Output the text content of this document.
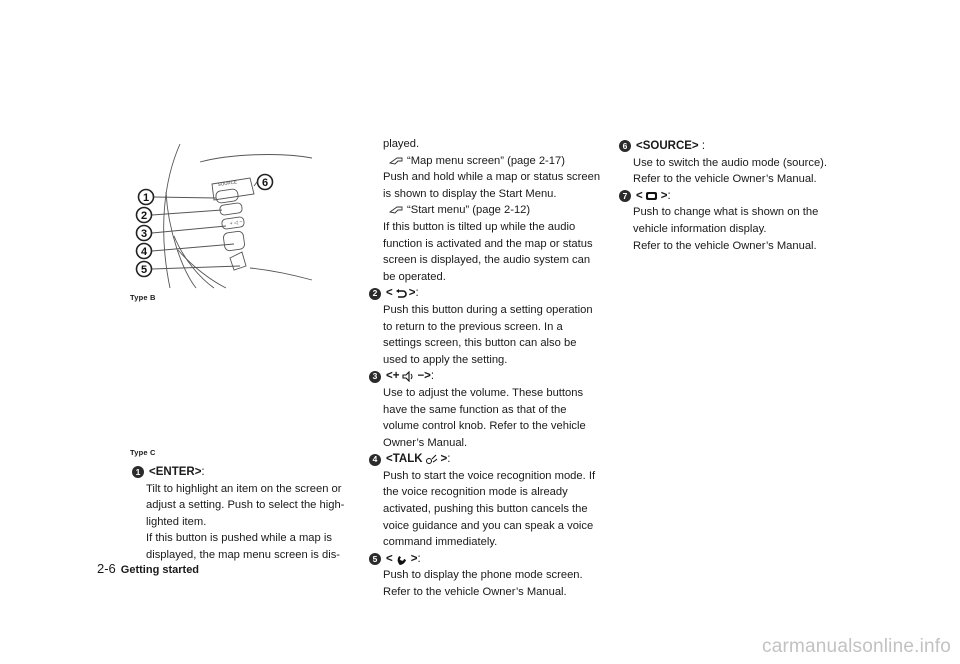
SOURCE
+ ◁ −
1
2
3
4
5
6
Type B
Type C
1 <ENTER> :

Tilt to highlight an item on the screen or

adjust a setting. Push to select the high-

lighted item.

If this button is pushed while a map is

displayed, the map menu screen is dis-

played.

“Map menu screen” (page 2-17)

Push and hold while a map or status screen

is shown to display the Start Menu.

“Start menu” (page 2-12)

If this button is tilted up while the audio

function is activated and the map or status

screen is displayed, the audio system can

be operated.

2 < > :

Push this button during a setting operation

to return to the previous screen. In a

settings screen, this button can also be

used to apply the setting.

3 <+ −> :

Use to adjust the volume. These buttons

have the same function as that of the

volume control knob. Refer to the vehicle

Owner’s Manual.

4 <TALK > :

Push to start the voice recognition mode. If

the voice recognition mode is already

activated, pushing this button cancels the

voice guidance and you can speak a voice

command immediately.

5 < > :

Push to display the phone mode screen.

Refer to the vehicle Owner’s Manual.

6 <SOURCE> :

Use to switch the audio mode (source).

Refer to the vehicle Owner’s Manual.

7 < > :

Push to change what is shown on the

vehicle information display.

Refer to the vehicle Owner’s Manual.

2-6 Getting started
carmanualsonline.info
